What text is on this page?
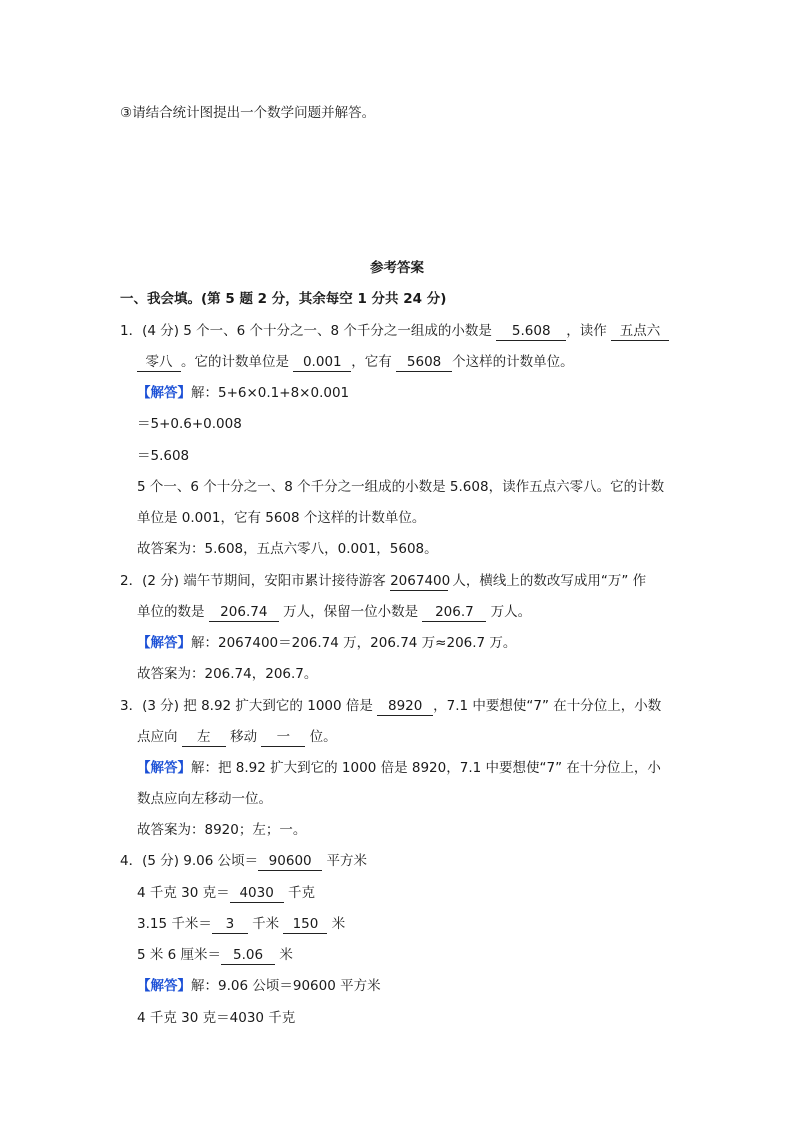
③请结合统计图提出一个数学问题并解答。
参考答案
一、我会填。(第 5 题 2 分，其余每空 1 分共 24 分)
1．(4 分) 5 个一、6 个十分之一、8 个千分之一组成的小数是 5.608 ，读作 五点六
零八 。它的计数单位是 0.001 ，它有 5608 个这样的计数单位。
【解答】解：5+6×0.1+8×0.001
＝5+0.6+0.008
＝5.608
5 个一、6 个十分之一、8 个千分之一组成的小数是 5.608，读作五点六零八。它的计数
单位是 0.001，它有 5608 个这样的计数单位。
故答案为：5.608，五点六零八，0.001，5608。
2．(2 分) 端午节期间，安阳市累计接待游客 2067400 人，横线上的数改写成用“万” 作
单位的数是 206.74 万人，保留一位小数是 206.7 万人。
【解答】解：2067400＝206.74 万，206.74 万≈206.7 万。
故答案为：206.74，206.7。
3．(3 分) 把 8.92 扩大到它的 1000 倍是 8920 ，7.1 中要想使“7” 在十分位上，小数
点应向 左 移动 一 位。
【解答】解：把 8.92 扩大到它的 1000 倍是 8920，7.1 中要想使“7” 在十分位上，小
数点应向左移动一位。
故答案为：8920；左；一。
4．(5 分) 9.06 公顷＝ 90600 平方米
4 千克 30 克＝ 4030 千克
3.15 千米＝ 3 千米 150 米
5 米 6 厘米＝ 5.06 米
【解答】解：9.06 公顷＝90600 平方米
4 千克 30 克＝4030 千克
